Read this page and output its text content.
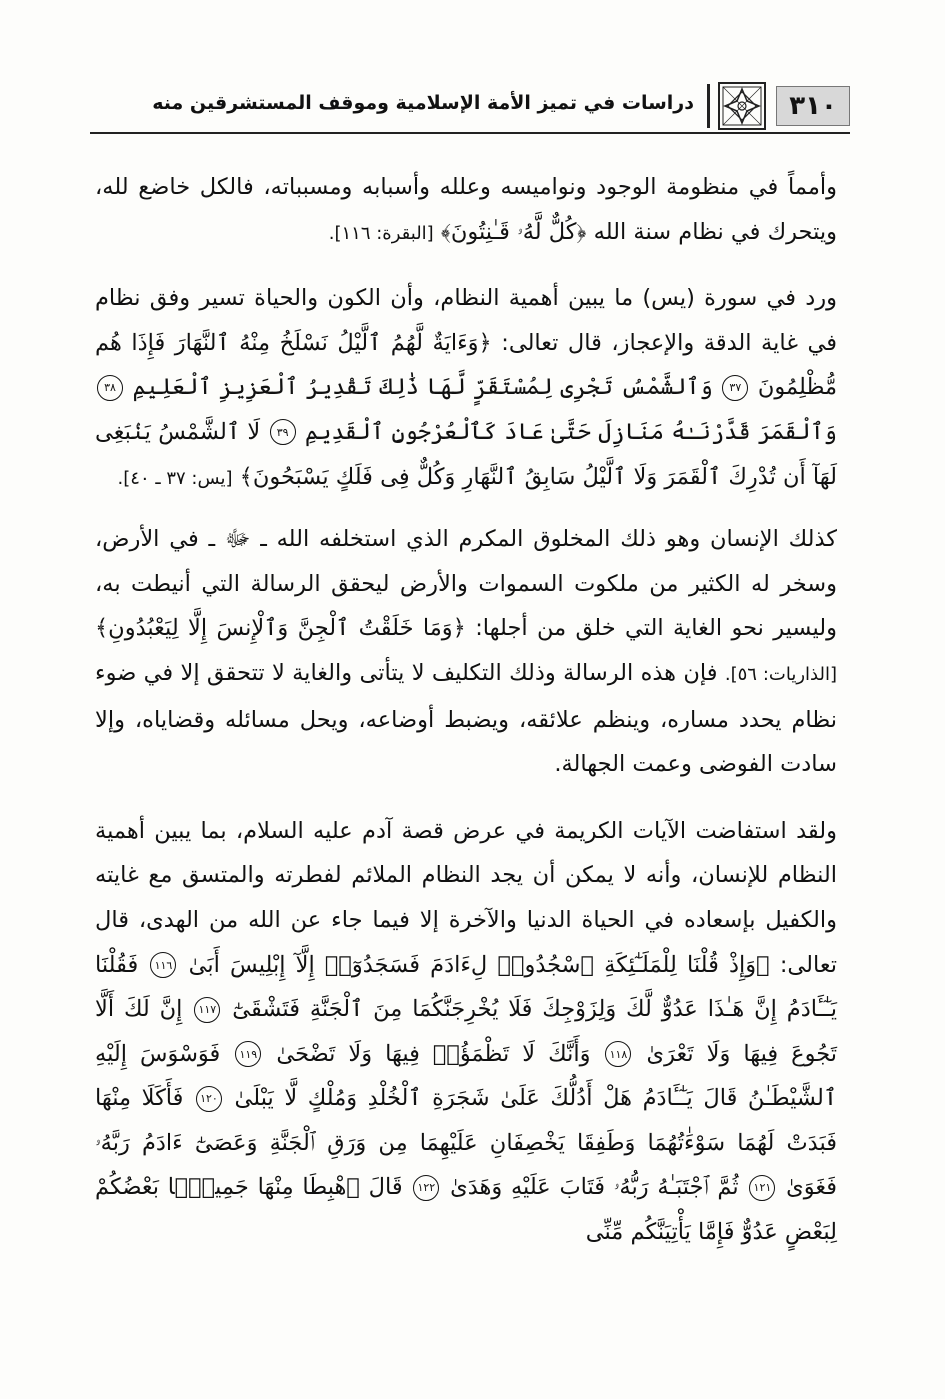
٣١٠
دراسات في تميز الأمة الإسلامية وموقف المستشرقين منه

وأمماً في منظومة الوجود ونواميسه وعلله وأسبابه ومسبباته، فالكل خاضع لله، ويتحرك في نظام سنة الله ﴿كُلٌّ لَّهُۥ قَـٰنِتُونَ﴾ [البقرة: ١١٦].

ورد في سورة (يس) ما يبين أهمية النظام، وأن الكون والحياة تسير وفق نظام في غاية الدقة والإعجاز، قال تعالى: ﴿وَءَايَةٌ لَّهُمُ ٱلَّيْلُ نَسْلَخُ مِنْهُ ٱلنَّهَارَ فَإِذَا هُم مُّظْلِمُونَ ٣٧ وَٱلشَّمْسُ تَجْرِى لِمُسْتَقَرٍّ لَّهَا ذَٰلِكَ تَقْدِيرُ ٱلْعَزِيزِ ٱلْعَلِيمِ ٣٨ وَٱلْقَمَرَ قَدَّرْنَـٰهُ مَنَازِلَ حَتَّىٰ عَادَ كَٱلْعُرْجُونِ ٱلْقَدِيمِ ٣٩ لَا ٱلشَّمْسُ يَنۢبَغِى لَهَآ أَن تُدْرِكَ ٱلْقَمَرَ وَلَا ٱلَّيْلُ سَابِقُ ٱلنَّهَارِ وَكُلٌّ فِى فَلَكٍ يَسْبَحُونَ﴾ [يس: ٣٧ ـ ٤٠].

كذلك الإنسان وهو ذلك المخلوق المكرم الذي استخلفه الله ـ ﷻ ـ في الأرض، وسخر له الكثير من ملكوت السموات والأرض ليحقق الرسالة التي أنيطت به، وليسير نحو الغاية التي خلق من أجلها: ﴿وَمَا خَلَقْتُ ٱلْجِنَّ وَٱلْإِنسَ إِلَّا لِيَعْبُدُونِ﴾ [الذاريات: ٥٦]. فإن هذه الرسالة وذلك التكليف لا يتأتى والغاية لا تتحقق إلا في ضوء نظام يحدد مساره، وينظم علائقه، ويضبط أوضاعه، ويحل مسائله وقضاياه، وإلا سادت الفوضى وعمت الجهالة.

ولقد استفاضت الآيات الكريمة في عرض قصة آدم عليه السلام، بما يبين أهمية النظام للإنسان، وأنه لا يمكن أن يجد النظام الملائم لفطرته والمتسق مع غايته والكفيل بإسعاده في الحياة الدنيا والآخرة إلا فيما جاء عن الله من الهدى، قال تعالى: ﴿وَإِذْ قُلْنَا لِلْمَلَـٰٓئِكَةِ ٱسْجُدُوا۟ لِءَادَمَ فَسَجَدُوٓا۟ إِلَّآ إِبْلِيسَ أَبَىٰ ١١٦ فَقُلْنَا يَـٰٓـَٔادَمُ إِنَّ هَـٰذَا عَدُوٌّ لَّكَ وَلِزَوْجِكَ فَلَا يُخْرِجَنَّكُمَا مِنَ ٱلْجَنَّةِ فَتَشْقَىٰٓ ١١٧ إِنَّ لَكَ أَلَّا تَجُوعَ فِيهَا وَلَا تَعْرَىٰ ١١٨ وَأَنَّكَ لَا تَظْمَؤُا۟ فِيهَا وَلَا تَضْحَىٰ ١١٩ فَوَسْوَسَ إِلَيْهِ ٱلشَّيْطَـٰنُ قَالَ يَـٰٓـَٔادَمُ هَلْ أَدُلُّكَ عَلَىٰ شَجَرَةِ ٱلْخُلْدِ وَمُلْكٍ لَّا يَبْلَىٰ ١٢٠ فَأَكَلَا مِنْهَا فَبَدَتْ لَهُمَا سَوْءَٰتُهُمَا وَطَفِقَا يَخْصِفَانِ عَلَيْهِمَا مِن وَرَقِ ٱلْجَنَّةِ وَعَصَىٰٓ ءَادَمُ رَبَّهُۥ فَغَوَىٰ ١٢١ ثُمَّ ٱجْتَبَـٰهُ رَبُّهُۥ فَتَابَ عَلَيْهِ وَهَدَىٰ ١٢٢ قَالَ ٱهْبِطَا مِنْهَا جَمِيعًۢا بَعْضُكُمْ لِبَعْضٍ عَدُوٌّ فَإِمَّا يَأْتِيَنَّكُم مِّنِّى
